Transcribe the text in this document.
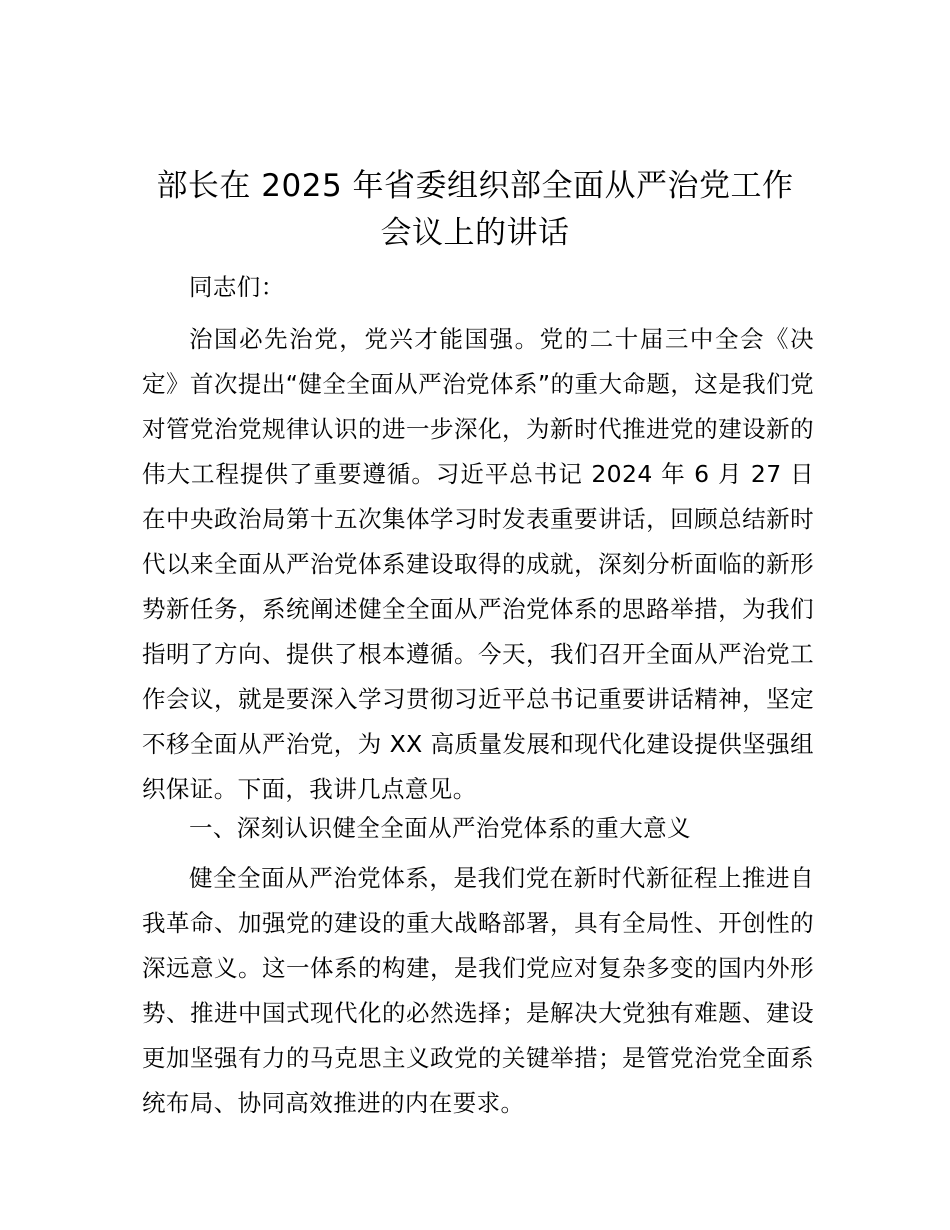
部长在 2025 年省委组织部全面从严治党工作
会议上的讲话

同志们：

治国必先治党，党兴才能国强。党的二十届三中全会《决定》首次提出“健全全面从严治党体系”的重大命题，这是我们党对管党治党规律认识的进一步深化，为新时代推进党的建设新的伟大工程提供了重要遵循。习近平总书记 2024 年 6 月 27 日在中央政治局第十五次集体学习时发表重要讲话，回顾总结新时代以来全面从严治党体系建设取得的成就，深刻分析面临的新形势新任务，系统阐述健全全面从严治党体系的思路举措，为我们指明了方向、提供了根本遵循。今天，我们召开全面从严治党工作会议，就是要深入学习贯彻习近平总书记重要讲话精神，坚定不移全面从严治党，为 XX 高质量发展和现代化建设提供坚强组织保证。下面，我讲几点意见。

一、深刻认识健全全面从严治党体系的重大意义

健全全面从严治党体系，是我们党在新时代新征程上推进自我革命、加强党的建设的重大战略部署，具有全局性、开创性的深远意义。这一体系的构建，是我们党应对复杂多变的国内外形势、推进中国式现代化的必然选择；是解决大党独有难题、建设更加坚强有力的马克思主义政党的关键举措；是管党治党全面系统布局、协同高效推进的内在要求。
